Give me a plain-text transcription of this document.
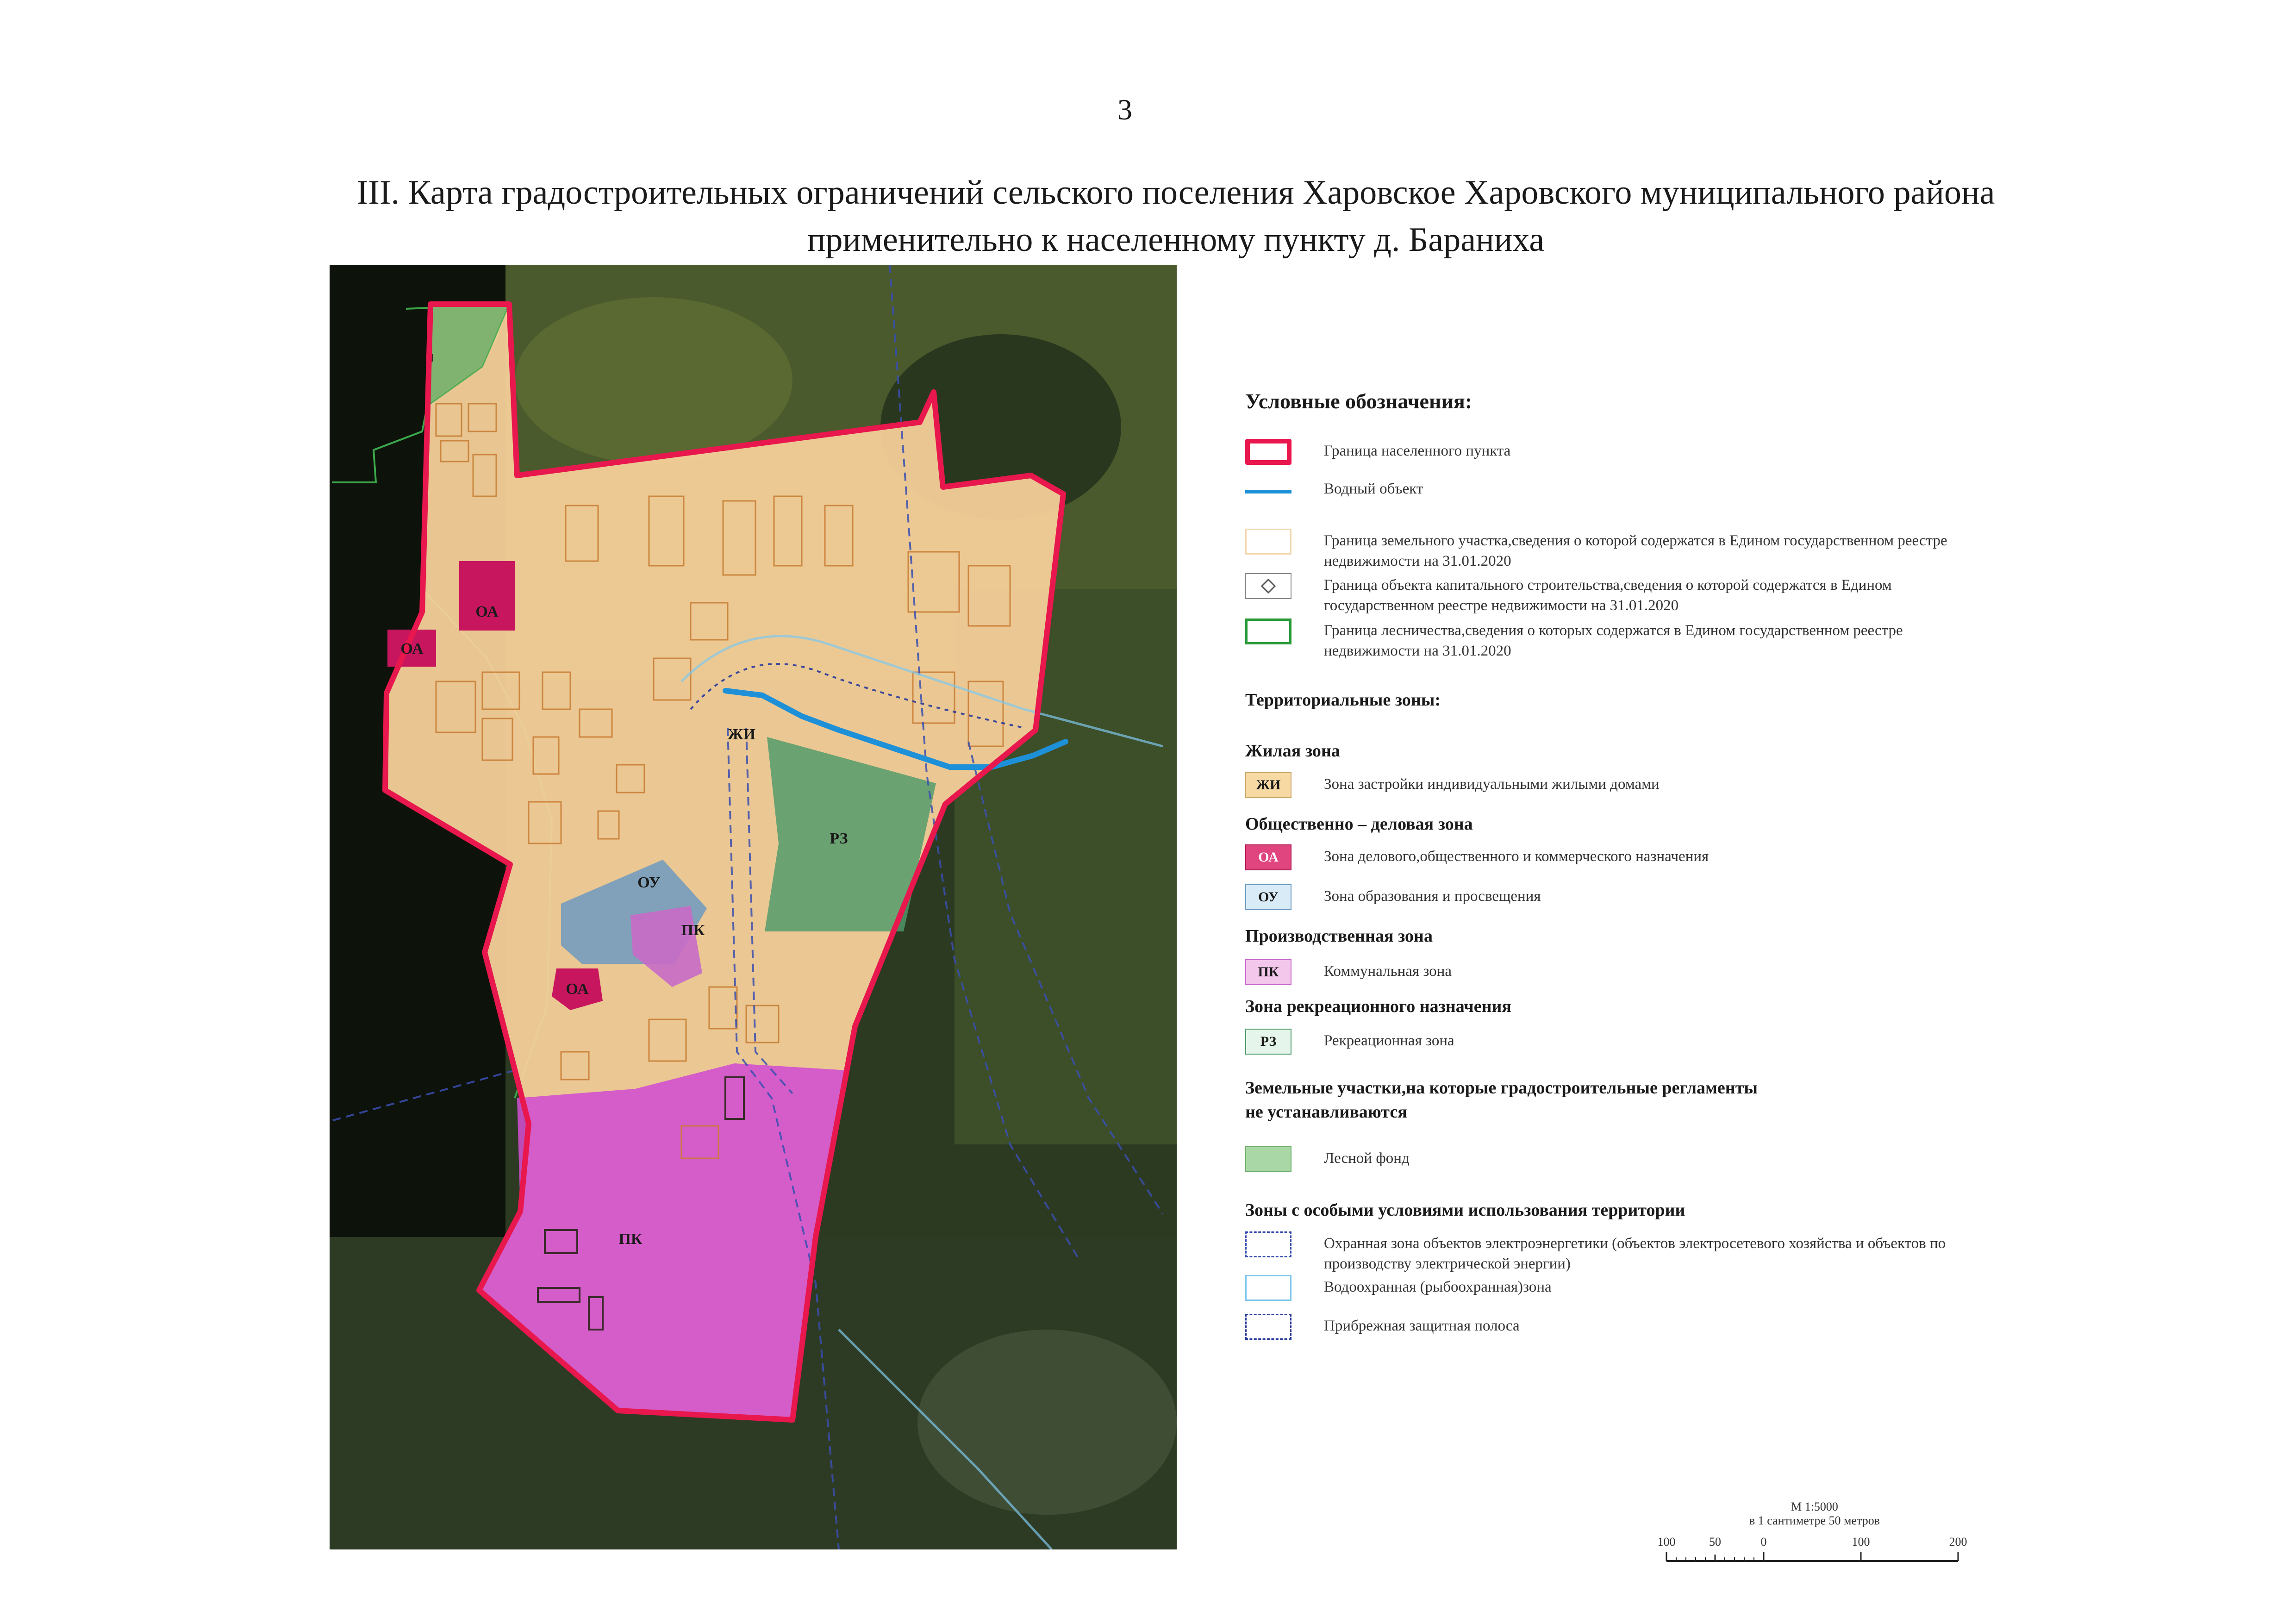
3
III. Карта градостроительных ограничений сельского поселения Харовское Харовского муниципального района
применительно к населенному пункту д. Бараниха
ЖИ
РЗ
ОУ
ОА
ОА
ОА
ПК
ПК
Условные обозначения:
Граница населенного пункта
Водный объект
Граница земельного участка,сведения о которой содержатся в Едином государственном реестре недвижимости на 31.01.2020
Граница объекта капитального строительства,сведения о которой содержатся в Едином государственном реестре недвижимости на 31.01.2020
Граница лесничества,сведения о которых содержатся в Едином государственном реестре недвижимости на 31.01.2020
Территориальные зоны:
Жилая зона
ЖИ	Зона застройки индивидуальными жилыми домами
Общественно – деловая зона
ОА	Зона делового,общественного и коммерческого назначения
ОУ	Зона образования и просвещения
Производственная зона
ПК	Коммунальная зона
Зона рекреационного назначения
РЗ	Рекреационная зона
Земельные участки,на которые градостроительные регламенты
не устанавливаются
Лесной фонд
Зоны с особыми условиями использования территории
Охранная зона объектов электроэнергетики (объектов электросетевого хозяйства и объектов по производству электрической энергии)
Водоохранная (рыбоохранная)зона
Прибрежная защитная полоса
М 1:5000
в 1 сантиметре 50 метров
100	50	0	100	200
